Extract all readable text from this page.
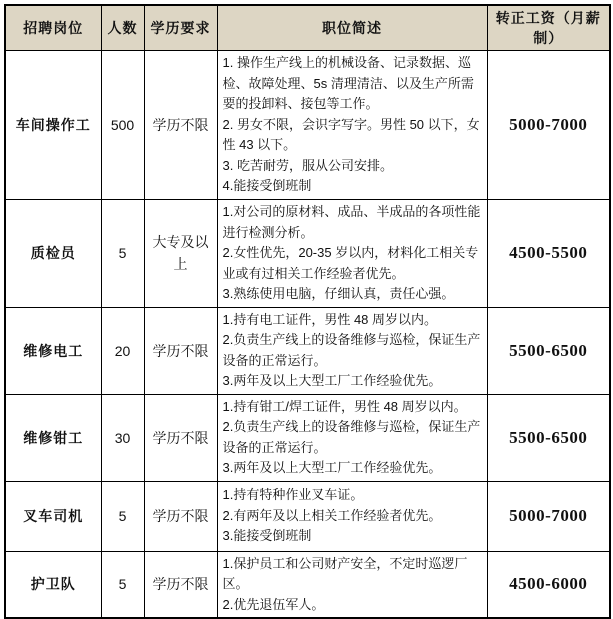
招聘岗位	人数	学历要求	职位简述	转正工资（月薪制）
车间操作工	500	学历不限	1. 操作生产线上的机械设备、记录数据、巡检、故障处理、5s 清理清洁、以及生产所需要的投卸料、接包等工作。
2. 男女不限，会识字写字。男性 50 以下，女性 43 以下。
3. 吃苦耐劳，服从公司安排。
4.能接受倒班制	5000-7000
质检员	5	大专及以上	1.对公司的原材料、成品、半成品的各项性能进行检测分析。
2.女性优先，20-35 岁以内，材料化工相关专业或有过相关工作经验者优先。
3.熟练使用电脑，仔细认真，责任心强。	4500-5500
维修电工	20	学历不限	1.持有电工证件，男性 48 周岁以内。
2.负责生产线上的设备维修与巡检，保证生产设备的正常运行。
3.两年及以上大型工厂工作经验优先。	5500-6500
维修钳工	30	学历不限	1.持有钳工/焊工证件，男性 48 周岁以内。
2.负责生产线上的设备维修与巡检，保证生产设备的正常运行。
3.两年及以上大型工厂工作经验优先。	5500-6500
叉车司机	5	学历不限	1.持有特种作业叉车证。
2.有两年及以上相关工作经验者优先。
3.能接受倒班制	5000-7000
护卫队	5	学历不限	1.保护员工和公司财产安全，不定时巡逻厂区。
2.优先退伍军人。	4500-6000
